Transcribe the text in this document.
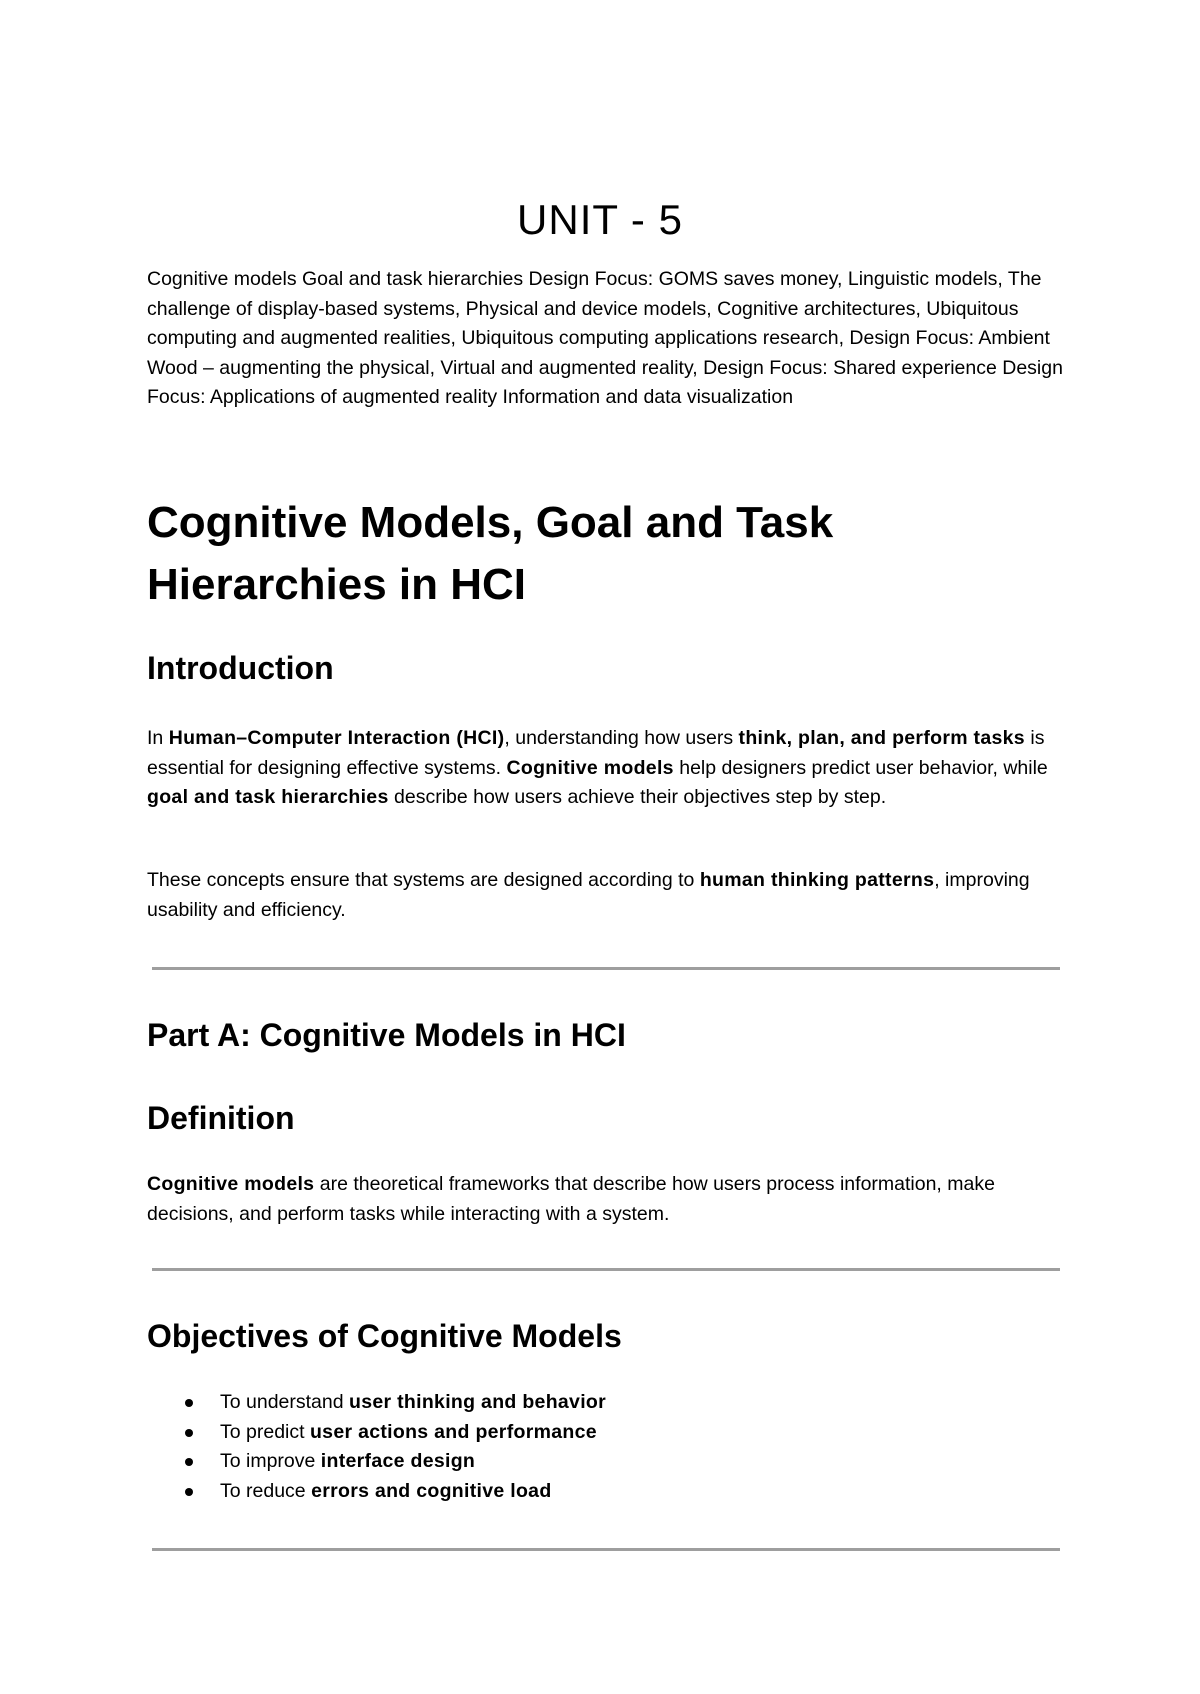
UNIT - 5

Cognitive models Goal and task hierarchies Design Focus: GOMS saves money, Linguistic models, The challenge of display-based systems, Physical and device models, Cognitive architectures, Ubiquitous computing and augmented realities, Ubiquitous computing applications research, Design Focus: Ambient Wood – augmenting the physical, Virtual and augmented reality, Design Focus: Shared experience Design Focus: Applications of augmented reality Information and data visualization

Cognitive Models, Goal and Task Hierarchies in HCI
Introduction

In Human–Computer Interaction (HCI), understanding how users think, plan, and perform tasks is essential for designing effective systems. Cognitive models help designers predict user behavior, while goal and task hierarchies describe how users achieve their objectives step by step.

These concepts ensure that systems are designed according to human thinking patterns, improving usability and efficiency.

Part A: Cognitive Models in HCI
Definition

Cognitive models are theoretical frameworks that describe how users process information, make decisions, and perform tasks while interacting with a system.

Objectives of Cognitive Models
To understand user thinking and behavior
To predict user actions and performance
To improve interface design
To reduce errors and cognitive load
